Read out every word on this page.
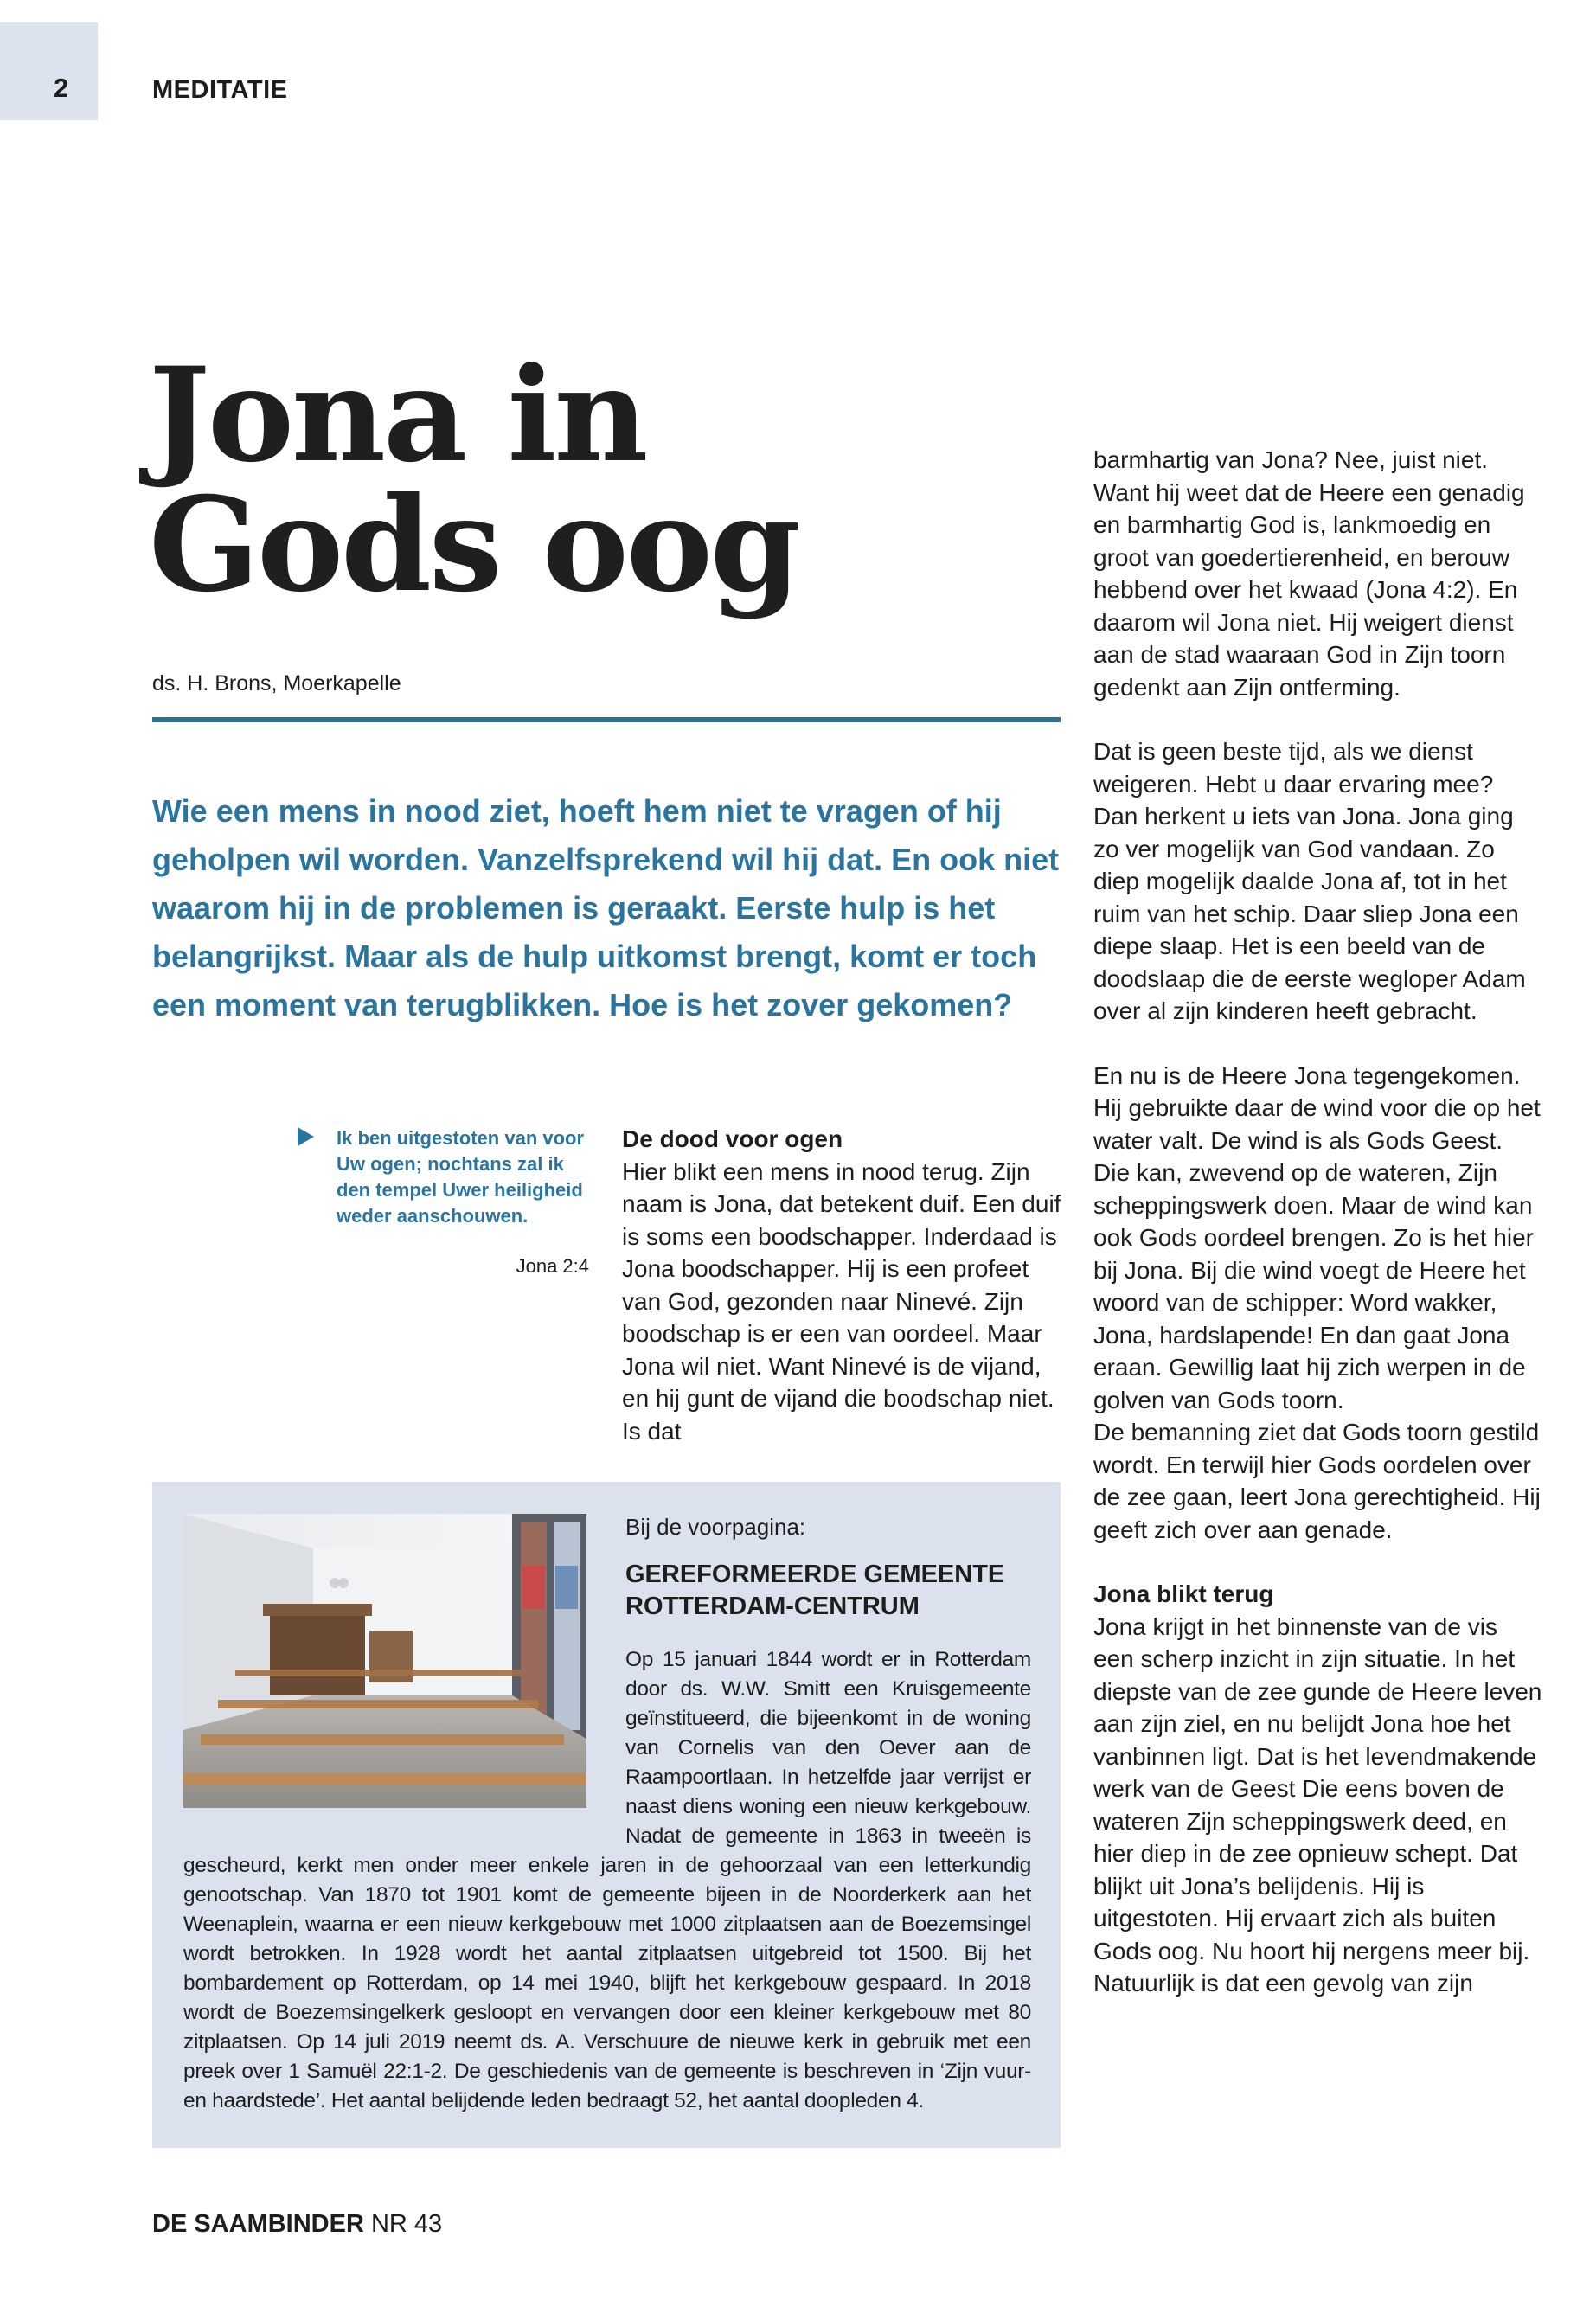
2	MEDITATIE
Jona in
Gods oog
ds. H. Brons, Moerkapelle

Wie een mens in nood ziet, hoeft hem niet te vragen of hij geholpen wil worden. Vanzelfsprekend wil hij dat. En ook niet waarom hij in de problemen is geraakt. Eerste hulp is het belangrijkst. Maar als de hulp uitkomst brengt, komt er toch een moment van terugblikken. Hoe is het zover gekomen?

Ik ben uitgestoten van voor Uw ogen; nochtans zal ik den tempel Uwer heiligheid weder aanschouwen.

Jona 2:4

De dood voor ogen

Hier blikt een mens in nood terug. Zijn naam is Jona, dat betekent duif. Een duif is soms een boodschapper. Inderdaad is Jona boodschapper. Hij is een profeet van God, gezonden naar Ninevé. Zijn boodschap is er een van oordeel. Maar Jona wil niet. Want Ninevé is de vijand, en hij gunt de vijand die boodschap niet. Is dat

barmhartig van Jona? Nee, juist niet. Want hij weet dat de Heere een genadig en barmhartig God is, lankmoedig en groot van goedertierenheid, en berouw hebbend over het kwaad (Jona 4:2). En daarom wil Jona niet. Hij weigert dienst aan de stad waaraan God in Zijn toorn gedenkt aan Zijn ontferming.

Dat is geen beste tijd, als we dienst weigeren. Hebt u daar ervaring mee? Dan herkent u iets van Jona. Jona ging zo ver mogelijk van God vandaan. Zo diep mogelijk daalde Jona af, tot in het ruim van het schip. Daar sliep Jona een diepe slaap. Het is een beeld van de doodslaap die de eerste wegloper Adam over al zijn kinderen heeft gebracht.

En nu is de Heere Jona tegengekomen. Hij gebruikte daar de wind voor die op het water valt. De wind is als Gods Geest. Die kan, zwevend op de wateren, Zijn scheppingswerk doen. Maar de wind kan ook Gods oordeel brengen. Zo is het hier bij Jona. Bij die wind voegt de Heere het woord van de schipper: Word wakker, Jona, hardslapende! En dan gaat Jona eraan. Gewillig laat hij zich werpen in de golven van Gods toorn.

De bemanning ziet dat Gods toorn gestild wordt. En terwijl hier Gods oordelen over de zee gaan, leert Jona gerechtigheid. Hij geeft zich over aan genade.

Jona blikt terug

Jona krijgt in het binnenste van de vis een scherp inzicht in zijn situatie. In het diepste van de zee gunde de Heere leven aan zijn ziel, en nu belijdt Jona hoe het vanbinnen ligt. Dat is het levendmakende werk van de Geest Die eens boven de wateren Zijn scheppingswerk deed, en hier diep in de zee opnieuw schept. Dat blijkt uit Jona’s belijdenis. Hij is uitgestoten. Hij ervaart zich als buiten Gods oog. Nu hoort hij nergens meer bij. Natuurlijk is dat een gevolg van zijn

Bij de voorpagina:
GEREFORMEERDE GEMEENTE
ROTTERDAM-CENTRUM

Op 15 januari 1844 wordt er in Rotterdam door ds. W.W. Smitt een Kruisgemeente geïnstitueerd, die bijeenkomt in de woning van Cornelis van den Oever aan de Raampoortlaan. In hetzelfde jaar verrijst er naast diens woning een nieuw kerkgebouw. Nadat de gemeente in 1863 in tweeën is gescheurd, kerkt men onder meer enkele jaren in de gehoorzaal van een letterkundig genootschap. Van 1870 tot 1901 komt de gemeente bijeen in de Noorderkerk aan het Weenaplein, waarna er een nieuw kerkgebouw met 1000 zitplaatsen aan de Boezemsingel wordt betrokken. In 1928 wordt het aantal zitplaatsen uitgebreid tot 1500. Bij het bombardement op Rotterdam, op 14 mei 1940, blijft het kerkgebouw gespaard. In 2018 wordt de Boezemsingelkerk gesloopt en vervangen door een kleiner kerkgebouw met 80 zitplaatsen. Op 14 juli 2019 neemt ds. A. Verschuure de nieuwe kerk in gebruik met een preek over 1 Samuël 22:1-2. De geschiedenis van de gemeente is beschreven in ‘Zijn vuur- en haardstede’. Het aantal belijdende leden bedraagt 52, het aantal doopleden 4.

DE SAAMBINDER NR 43
